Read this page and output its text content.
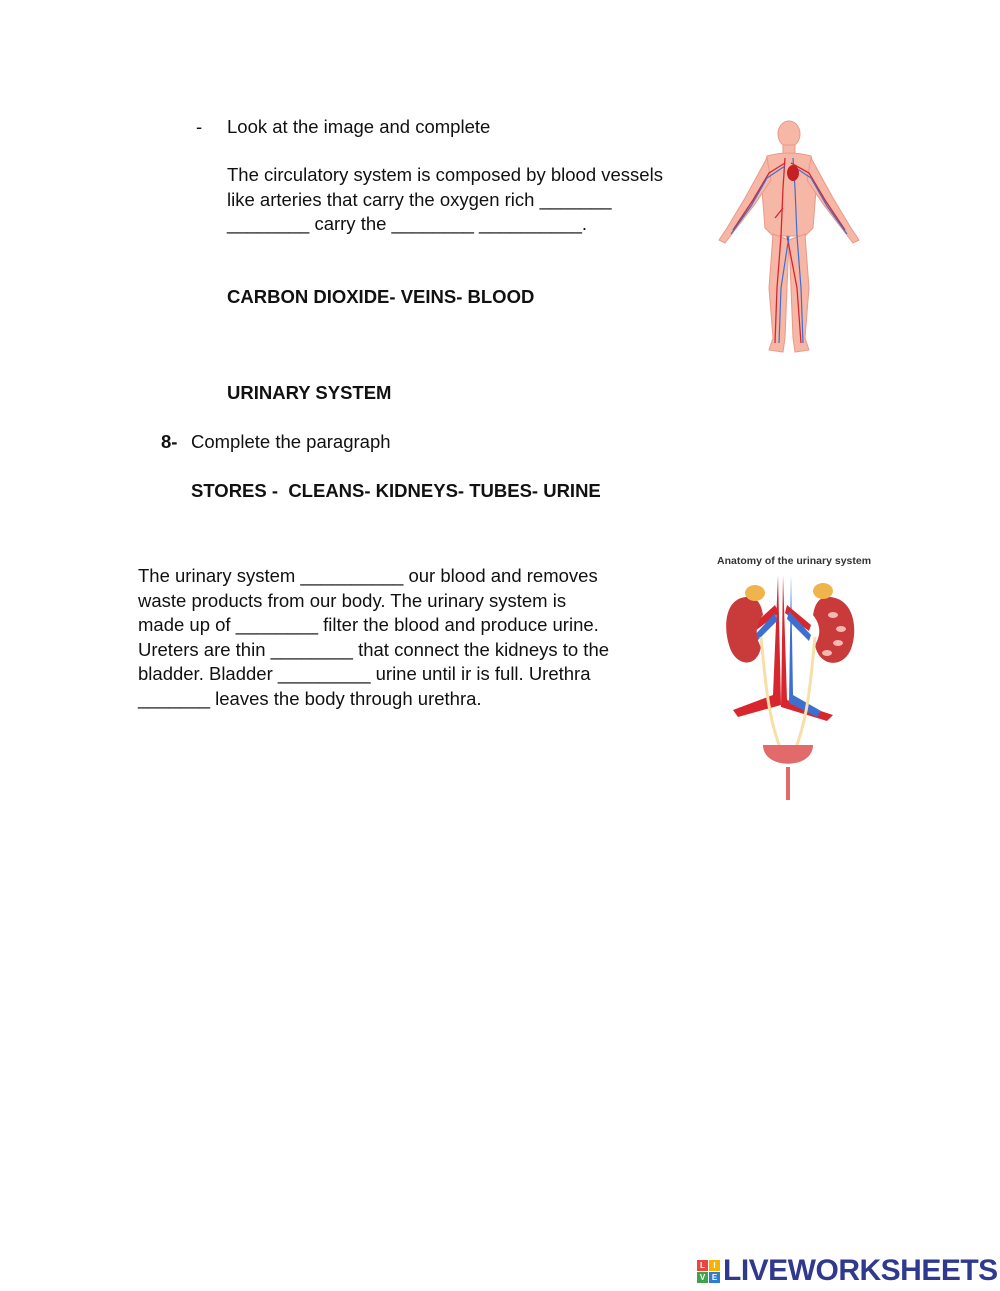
- Look at the image and complete
The circulatory system is composed by blood vessels
like arteries that carry the oxygen rich _______
________ carry the ________ __________.
CARBON DIOXIDE- VEINS- BLOOD
URINARY SYSTEM
8- Complete the paragraph
STORES -  CLEANS- KIDNEYS- TUBES- URINE
The urinary system __________ our blood and removes
waste products from our body. The urinary system is
made up of ________ filter the blood and produce urine.
Ureters are thin ________ that connect the kidneys to the
bladder. Bladder _________ urine until ir is full. Urethra
_______ leaves the body through urethra.
Anatomy of the urinary system
L	I
V E LIVEWORKSHEETS
